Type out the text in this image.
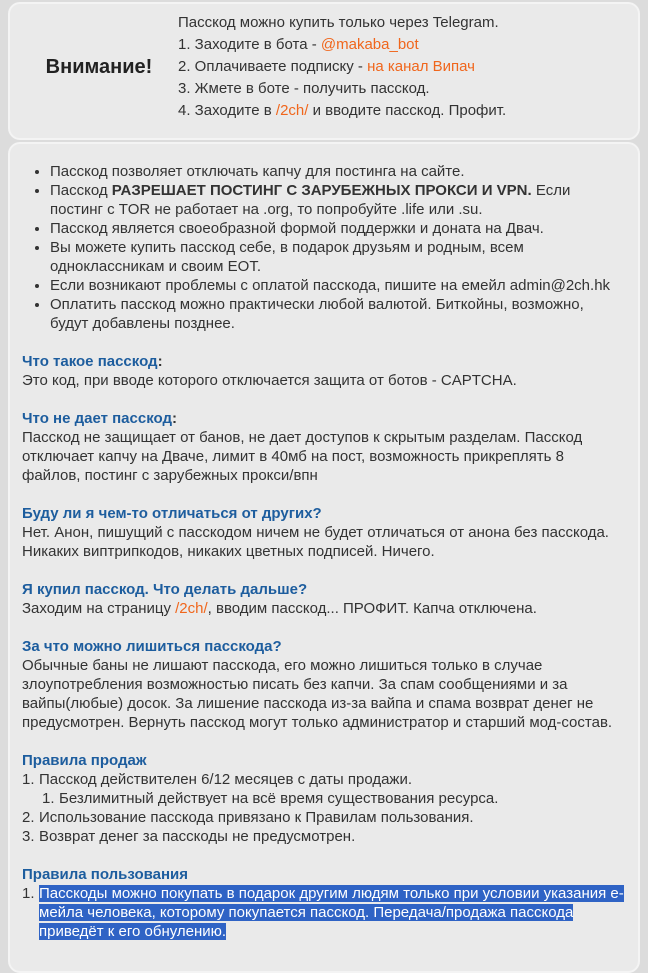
Внимание!
Пасскод можно купить только через Telegram.
1. Заходите в бота - @makaba_bot
2. Оплачиваете подписку - на канал Випач
3. Жмете в боте - получить пасскод.
4. Заходите в /2ch/ и вводите пасскод. Профит.
• Пасскод позволяет отключать капчу для постинга на сайте.
• Пасскод РАЗРЕШАЕТ ПОСТИНГ С ЗАРУБЕЖНЫХ ПРОКСИ И VPN. Если постинг с TOR не работает на .org, то попробуйте .life или .su.
• Пасскод является своеобразной формой поддержки и доната на Двач.
• Вы можете купить пасскод себе, в подарок друзьям и родным, всем одноклассникам и своим ЕОТ.
• Если возникают проблемы с оплатой пасскода, пишите на емейл admin@2ch.hk
• Оплатить пасскод можно практически любой валютой. Биткойны, возможно, будут добавлены позднее.
Что такое пасскод:

Это код, при вводе которого отключается защита от ботов - CAPTCHA.

Что не дает пасскод:

Пасскод не защищает от банов, не дает доступов к скрытым разделам. Пасскод отключает капчу на Дваче, лимит в 40мб на пост, возможность прикреплять 8 файлов, постинг с зарубежных прокси/впн

Буду ли я чем-то отличаться от других?

Нет. Анон, пишущий с пасскодом ничем не будет отличаться от анона без пасскода. Никаких виптрипкодов, никаких цветных подписей. Ничего.

Я купил пасскод. Что делать дальше?

Заходим на страницу /2ch/, вводим пасскод... ПРОФИТ. Капча отключена.

За что можно лишиться пасскода?

Обычные баны не лишают пасскода, его можно лишиться только в случае злоупотребления возможностью писать без капчи. За спам сообщениями и за вайпы(любые) досок. За лишение пасскода из-за вайпа и спама возврат денег не предусмотрен. Вернуть пасскод могут только администратор и старший мод-состав.

Правила продаж
1. Пасскод действителен 6/12 месяцев с даты продажи.
1. Безлимитный действует на всё время существования ресурса.
2. Использование пасскода привязано к Правилам пользования.
3. Возврат денег за пасскоды не предусмотрен.
Правила пользования
1. Пасскоды можно покупать в подарок другим людям только при условии указания е-мейла человека, которому покупается пасскод. Передача/продажа пасскода приведёт к его обнулению.
